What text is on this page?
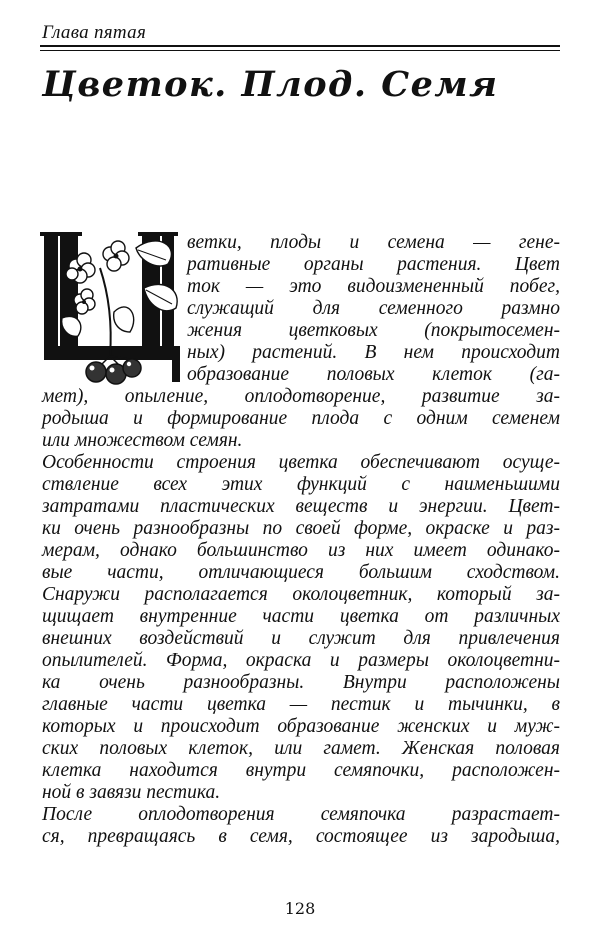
Глава пятая
Цветок. Плод. Семя
ветки, плоды и семена — гене-
ративные органы растения. Цвет
ток — это видоизмененный побег,
служащий для семенного размно
жения цветковых (покрытосемен-
ных) растений. В нем происходит
образование половых клеток (га-
мет), опыление, оплодотворение, развитие за-
родыша и формирование плода с одним семенем
или множеством семян.
Особенности строения цветка обеспечивают осуще-
ствление всех этих функций с наименьшими
затратами пластических веществ и энергии. Цвет-
ки очень разнообразны по своей форме, окраске и раз-
мерам, однако большинство из них имеет одинако-
вые части, отличающиеся большим сходством.
Снаружи располагается околоцветник, который за-
щищает внутренние части цветка от различных
внешних воздействий и служит для привлечения
опылителей. Форма, окраска и размеры околоцветни-
ка очень разнообразны. Внутри расположены
главные части цветка — пестик и тычинки, в
которых и происходит образование женских и муж-
ских половых клеток, или гамет. Женская половая
клетка находится внутри семяпочки, расположен-
ной в завязи пестика.
После оплодотворения семяпочка разрастает-
ся, превращаясь в семя, состоящее из зародыша,
128
